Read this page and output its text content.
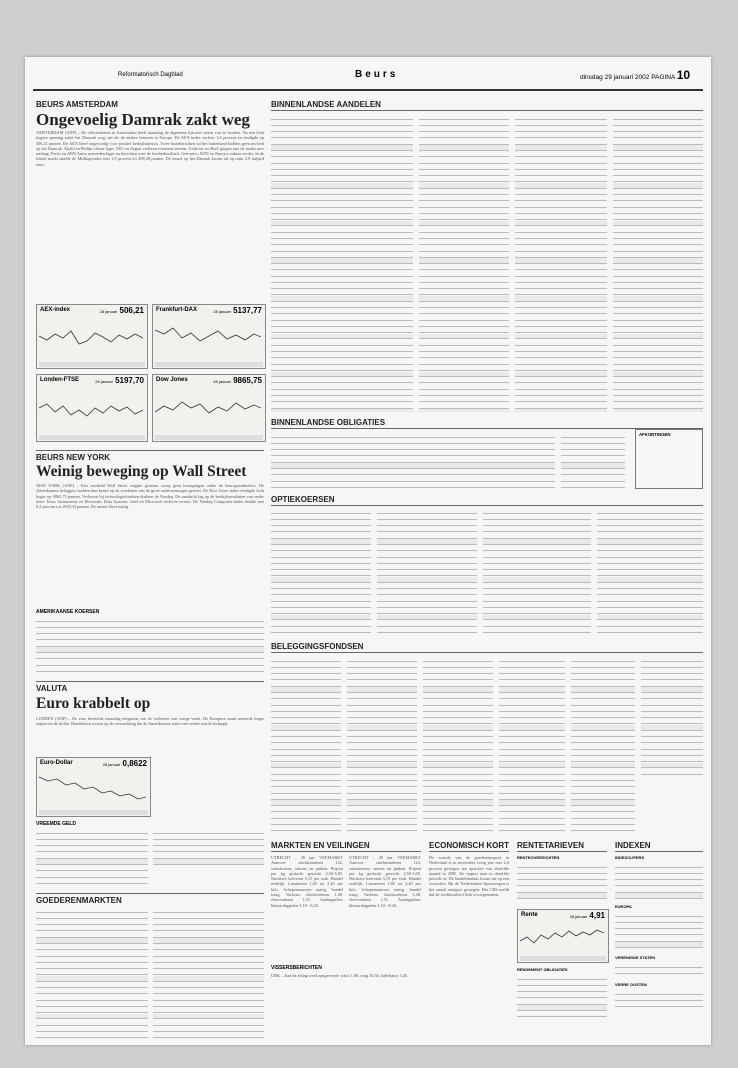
Reformatorisch Dagblad	Beurs	dinsdag 29 januari 2002 PAGINA 10
BEURS AMSTERDAM
Ongevoelig Damrak zakt weg
AMSTERDAM (ANP) – De effectenbeurs in Amsterdam heeft maandag de algemene lijn niet weten vast te houden. Na een licht hogere opening zakte het Damrak weg, net als de andere beurzen in Europa. De AEX-index verloor 1,6 procent en eindigde op 506,21 punten. De AEX bleef ongevoelig voor positief bedrijfsnieuws. Twee fusieberichten uit het buitenland hadden geen invloed op het Damrak. Ahold en Philips sloten lager. ING en Aegon verloren eveneens terrein. Unilever en Shell gingen met de markt mee omlaag. Fortis en ABN Amro noteerden lager na berichten over de kredietkwaliteit. Getronics, KPN en Numico zakten verder. In de lokale markt daalde de Midkap-index met 1,0 procent tot 498,28 punten. De omzet op het Damrak kwam uit op ruim 2,9 miljard euro.
AEX-index	28 januari 506,21 Frankfurt-DAX	28 januari 5137,77
Londen-FTSE	28 januari 5197,70 Dow Jones	28 januari 9865,75
BEURS NEW YORK
Weinig beweging op Wall Street
NEW YORK (ANP) – Een verdeeld Wall Street stoppte gisteren vroeg geen bewegingen onder de beursgraadmeters. De Amerikaanse beleggers hadden hun keuze op de resultaten van de grote ondernemingen gericht. De Dow Jones-index eindigde licht hoger op 9865,75 punten. Verliezen bij technologiefondsen drukten de Nasdaq. De aandacht lag op de bedrijfsresultaten van onder meer Texas Instruments en Electronic Data Systems. Intel en Microsoft verloren terrein. De Nasdaq Composite-index daalde met 0,4 procent tot 1928,33 punten. De omzet bleef matig.
AMERIKAANSE KOERSEN
VALUTA
Euro krabbelt op
LONDEN (ANP) – De euro herstelde maandag enigszins van de verliezen van vorige week. De Europese munt noteerde hoger tegenover de dollar. Handelaren wezen op de verwachting dat de Amerikaanse rente niet verder wordt verlaagd.
Euro-Dollar	28 januari 0,8622
VREEMDE GELD
GOEDERENMARKTEN
BINNENLANDSE AANDELEN
BINNENLANDSE OBLIGATIES
AFKORTINGEN
OPTIEKOERSEN
BELEGGINGSFONDSEN
MARKTEN EN VEILINGEN
UTRECHT – 28 jan. VEEMARKT Aanvoer slachtrunderen 122, vaarskoeien, stieren en pinken. Prijzen per kg geslacht gewicht 2,50-3,05. Nuchtere kalveren 3,15 per stuk. Handel redelijk. Lammeren 1,85 tot 2,40 per kilo. Schapenaanvoer matig, handel traag. Varkens: slachtvarkens 1,48, vleesvarkens 1,51. Aardappelen: kleiaardappelen 5,10 - 8,20.
UTRECHT – 28 jan. VEEMARKT Aanvoer slachtrunderen 122, vaarskoeien, stieren en pinken. Prijzen per kg geslacht gewicht 2,50-3,05. Nuchtere kalveren 3,15 per stuk. Handel redelijk. Lammeren 1,85 tot 2,40 per kilo. Schapenaanvoer matig, handel traag. Varkens: slachtvarkens 1,48, vleesvarkens 1,51. Aardappelen: kleiaardappelen 5,10 - 8,20.
VISSERSBERICHTEN
URK – Aan de afslag werd aangevoerd: schol 1,80, tong 10,50, kabeljauw 3,40.
ECONOMISCH KORT
De waarde van de goederenexport in Nederland is in november vorig jaar met 2,4 procent gestegen ten opzichte van dezelfde maand in 2000. De import nam in dezelfde periode af. De handelsbalans kwam uit op een overschot. Bij de Nederlandse Spoorwegen is het aantal reizigers gestegen. Het CBS meldt dat de werkloosheid licht is toegenomen.
RENTETARIEVEN
RENTEOVERZICHTEN
Rente	28 januari 4,91
RENDEMENT OBLIGATIES
INDEXEN
INDEXCIJFERS
EUROPA
VERENIGDE STATEN
VERRE OOSTEN
